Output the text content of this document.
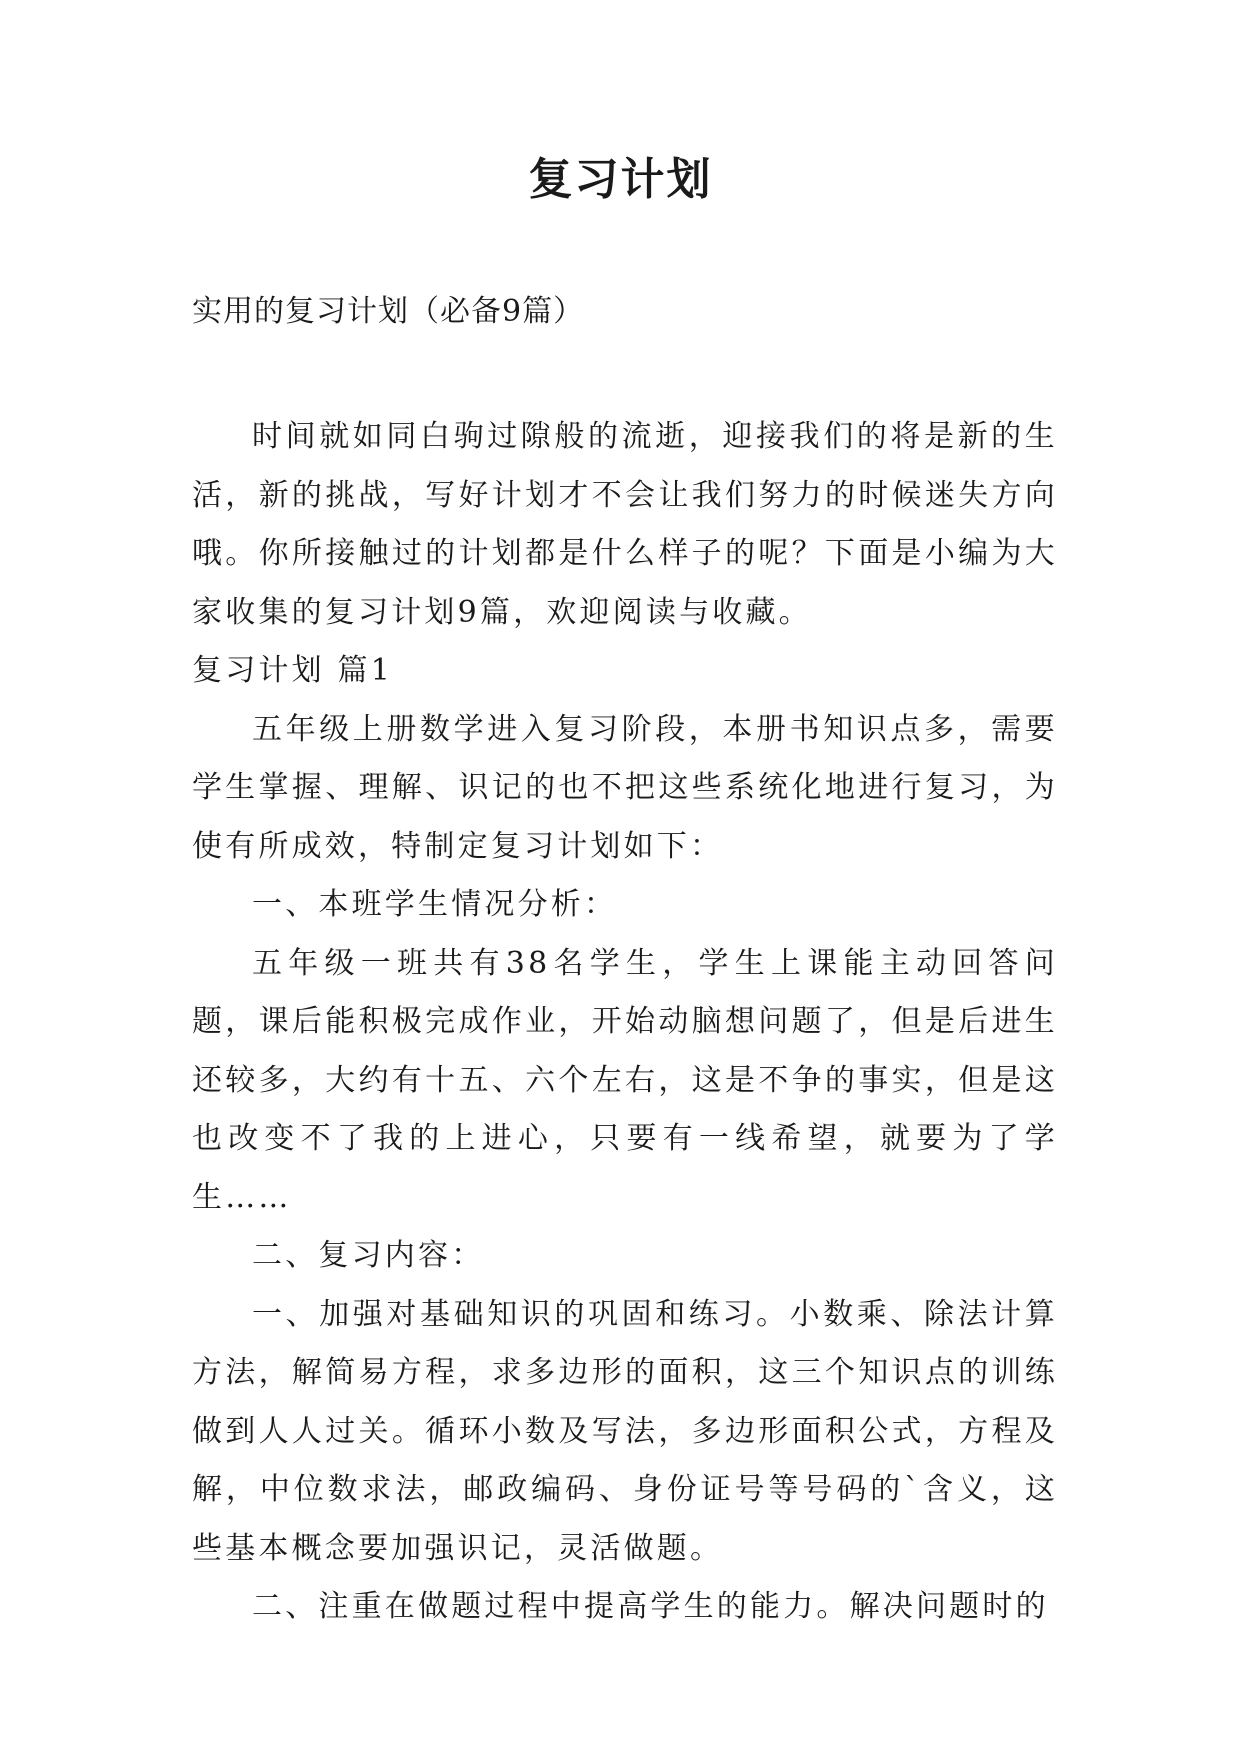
复习计划

实用的复习计划（必备9篇）

时间就如同白驹过隙般的流逝，迎接我们的将是新的生活，新的挑战，写好计划才不会让我们努力的时候迷失方向哦。你所接触过的计划都是什么样子的呢？下面是小编为大家收集的复习计划9篇，欢迎阅读与收藏。

复习计划 篇1

五年级上册数学进入复习阶段，本册书知识点多，需要学生掌握、理解、识记的也不把这些系统化地进行复习，为使有所成效，特制定复习计划如下：

一、本班学生情况分析：

五年级一班共有38名学生，学生上课能主动回答问题，课后能积极完成作业，开始动脑想问题了，但是后进生还较多，大约有十五、六个左右，这是不争的事实，但是这也改变不了我的上进心，只要有一线希望，就要为了学生……

二、复习内容：

一、加强对基础知识的巩固和练习。小数乘、除法计算方法，解简易方程，求多边形的面积，这三个知识点的训练做到人人过关。循环小数及写法，多边形面积公式，方程及解，中位数求法，邮政编码、身份证号等号码的`含义，这些基本概念要加强识记，灵活做题。

二、注重在做题过程中提高学生的能力。解决问题时的
